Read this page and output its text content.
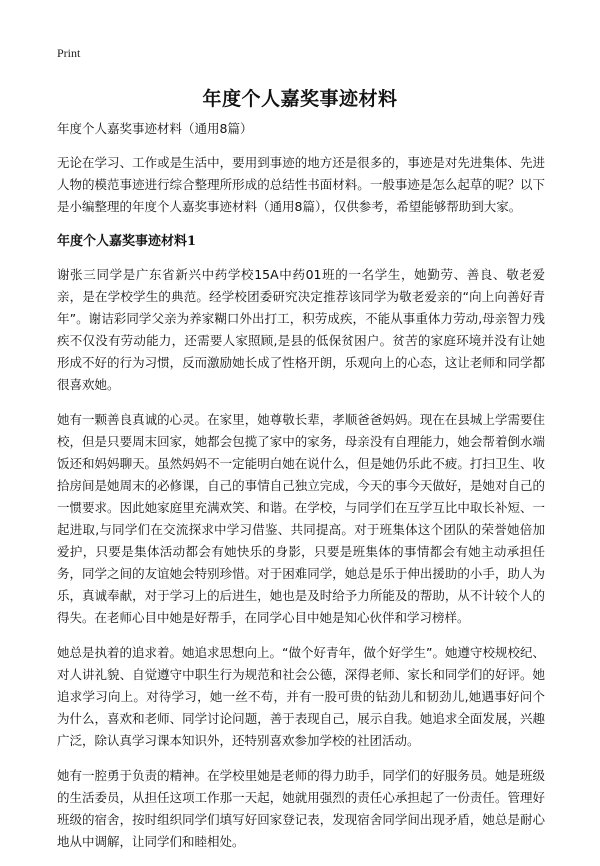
Print
年度个人嘉奖事迹材料

年度个人嘉奖事迹材料（通用8篇）

无论在学习、工作或是生活中，要用到事迹的地方还是很多的，事迹是对先进集体、先进人物的模范事迹进行综合整理所形成的总结性书面材料。一般事迹是怎么起草的呢？以下是小编整理的年度个人嘉奖事迹材料（通用8篇），仅供参考，希望能够帮助到大家。

年度个人嘉奖事迹材料1

谢张三同学是广东省新兴中药学校15A中药01班的一名学生，她勤劳、善良、敬老爱亲，是在学校学生的典范。经学校团委研究决定推荐该同学为敬老爱亲的“向上向善好青年”。谢诘彩同学父亲为养家糊口外出打工，积劳成疾，不能从事重体力劳动,母亲智力残疾不仅没有劳动能力，还需要人家照顾,是县的低保贫困户。贫苦的家庭环境并没有让她形成不好的行为习惯，反而激励她长成了性格开朗，乐观向上的心态，这让老师和同学都很喜欢她。

她有一颗善良真诚的心灵。在家里，她尊敬长辈，孝顺爸爸妈妈。现在在县城上学需要住校，但是只要周末回家，她都会包揽了家中的家务，母亲没有自理能力，她会帮着倒水端饭还和妈妈聊天。虽然妈妈不一定能明白她在说什么，但是她仍乐此不疲。打扫卫生、收拾房间是她周末的必修课，自己的事情自己独立完成，今天的事今天做好，是她对自己的一惯要求。因此她家庭里充满欢笑、和谐。在学校，与同学们在互学互比中取长补短、一起进取,与同学们在交流探求中学习借鉴、共同提高。对于班集体这个团队的荣誉她倍加爱护，只要是集体活动都会有她快乐的身影，只要是班集体的事情都会有她主动承担任务，同学之间的友谊她会特别珍惜。对于困难同学，她总是乐于伸出援助的小手，助人为乐，真诚奉献，对于学习上的后进生，她也是及时给予力所能及的帮助，从不计较个人的得失。在老师心目中她是好帮手，在同学心目中她是知心伙伴和学习榜样。

她总是执着的追求着。她追求思想向上。“做个好青年，做个好学生”。她遵守校规校纪、对人讲礼貌、自觉遵守中职生行为规范和社会公德，深得老师、家长和同学们的好评。她追求学习向上。对待学习，她一丝不苟，并有一股可贵的钻劲儿和韧劲儿,她遇事好问个为什么，喜欢和老师、同学讨论问题，善于表现自己，展示自我。她追求全面发展，兴趣广泛，除认真学习课本知识外，还特别喜欢参加学校的社团活动。

她有一腔勇于负责的精神。在学校里她是老师的得力助手，同学们的好服务员。她是班级的生活委员，从担任这项工作那一天起，她就用强烈的责任心承担起了一份责任。管理好班级的宿舍，按时组织同学们填写好回家登记表，发现宿舍同学间出现矛盾，她总是耐心地从中调解，让同学们和睦相处。
